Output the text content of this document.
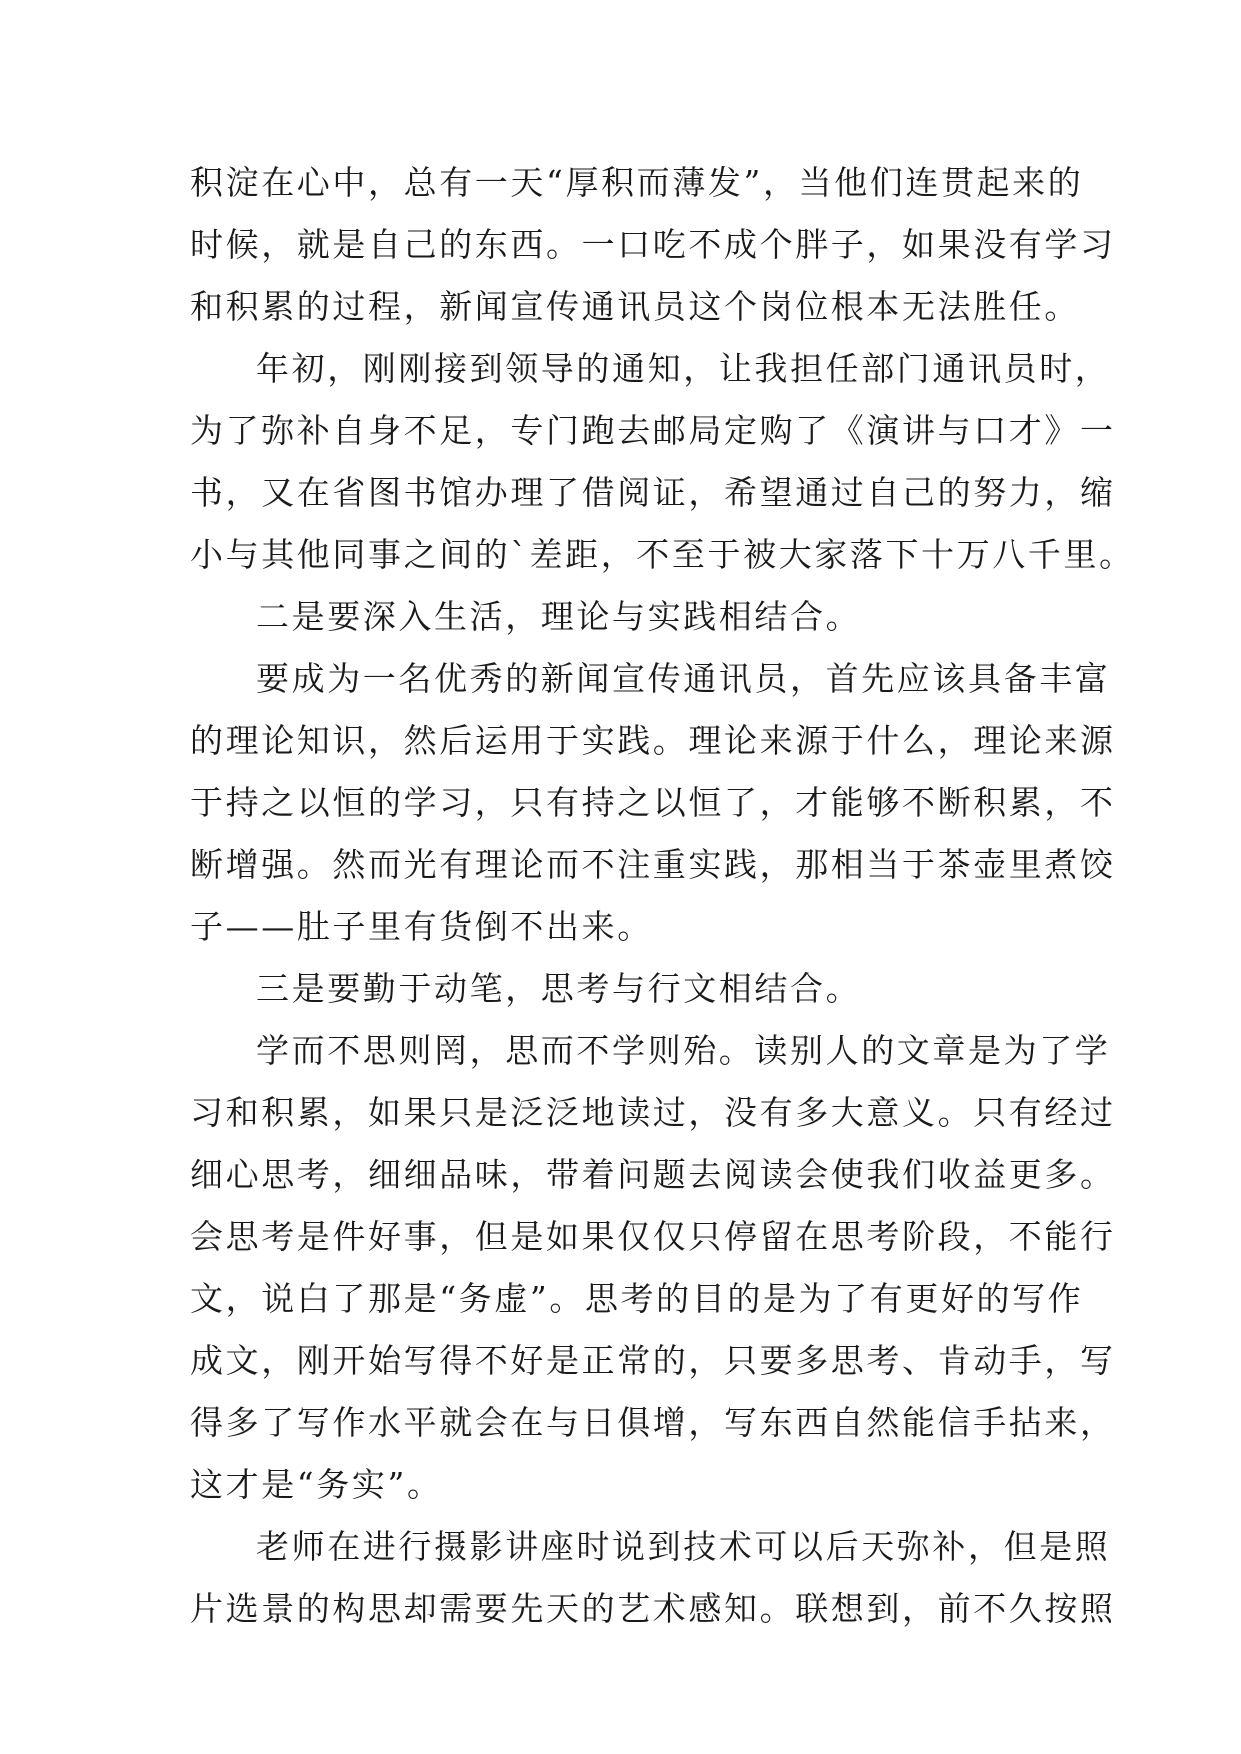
积淀在心中，总有一天“厚积而薄发”，当他们连贯起来的
时候，就是自己的东西。一口吃不成个胖子，如果没有学习
和积累的过程，新闻宣传通讯员这个岗位根本无法胜任。
年初，刚刚接到领导的通知，让我担任部门通讯员时，
为了弥补自身不足，专门跑去邮局定购了《演讲与口才》一
书，又在省图书馆办理了借阅证，希望通过自己的努力，缩
小与其他同事之间的`差距，不至于被大家落下十万八千里。
二是要深入生活，理论与实践相结合。
要成为一名优秀的新闻宣传通讯员，首先应该具备丰富
的理论知识，然后运用于实践。理论来源于什么，理论来源
于持之以恒的学习，只有持之以恒了，才能够不断积累，不
断增强。然而光有理论而不注重实践，那相当于茶壶里煮饺
子——肚子里有货倒不出来。
三是要勤于动笔，思考与行文相结合。
学而不思则罔，思而不学则殆。读别人的文章是为了学
习和积累，如果只是泛泛地读过，没有多大意义。只有经过
细心思考，细细品味，带着问题去阅读会使我们收益更多。
会思考是件好事，但是如果仅仅只停留在思考阶段，不能行
文，说白了那是“务虚”。思考的目的是为了有更好的写作
成文，刚开始写得不好是正常的，只要多思考、肯动手，写
得多了写作水平就会在与日俱增，写东西自然能信手拈来，
这才是“务实”。
老师在进行摄影讲座时说到技术可以后天弥补，但是照
片选景的构思却需要先天的艺术感知。联想到，前不久按照
